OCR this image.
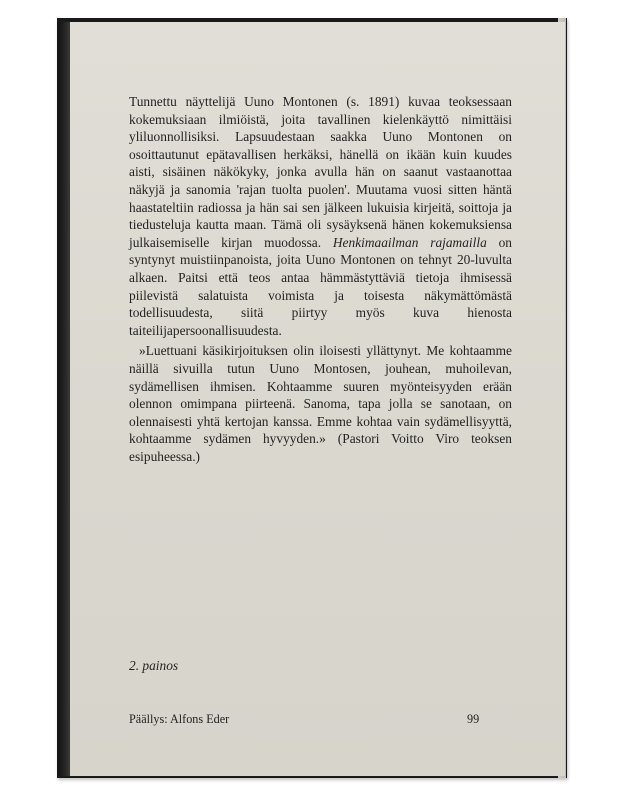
Tunnettu näyttelijä Uuno Montonen (s. 1891) kuvaa teoksessaan kokemuksiaan ilmiöistä, joita tavallinen kielenkäyttö nimittäisi yliluonnollisiksi. Lapsuudestaan saakka Uuno Montonen on osoittautunut epätavallisen herkäksi, hänellä on ikään kuin kuudes aisti, sisäinen näkökyky, jonka avulla hän on saanut vastaanottaa näkyjä ja sanomia 'rajan tuolta puolen'. Muutama vuosi sitten häntä haastateltiin radiossa ja hän sai sen jälkeen lukuisia kirjeitä, soittoja ja tiedusteluja kautta maan. Tämä oli sysäyksenä hänen kokemuksiensa julkaisemiselle kirjan muodossa. Henkimaailman rajamailla on syntynyt muistiinpanoista, joita Uuno Montonen on tehnyt 20-luvulta alkaen. Paitsi että teos antaa hämmästyttäviä tietoja ihmisessä piilevistä salatuista voimista ja toisesta näkymättömästä todellisuudesta, siitä piirtyy myös kuva hienosta taiteilijapersoonallisuudesta.

»Luettuani käsikirjoituksen olin iloisesti yllättynyt. Me kohtaamme näillä sivuilla tutun Uuno Montosen, jouhean, muhoilevan, sydämellisen ihmisen. Kohtaamme suuren myönteisyyden erään olennon omimpana piirteenä. Sanoma, tapa jolla se sanotaan, on olennaisesti yhtä kertojan kanssa. Emme kohtaa vain sydämellisyyttä, kohtaamme sydämen hyvyyden.» (Pastori Voitto Viro teoksen esipuheessa.)

2. painos
Päällys: Alfons Eder	99
